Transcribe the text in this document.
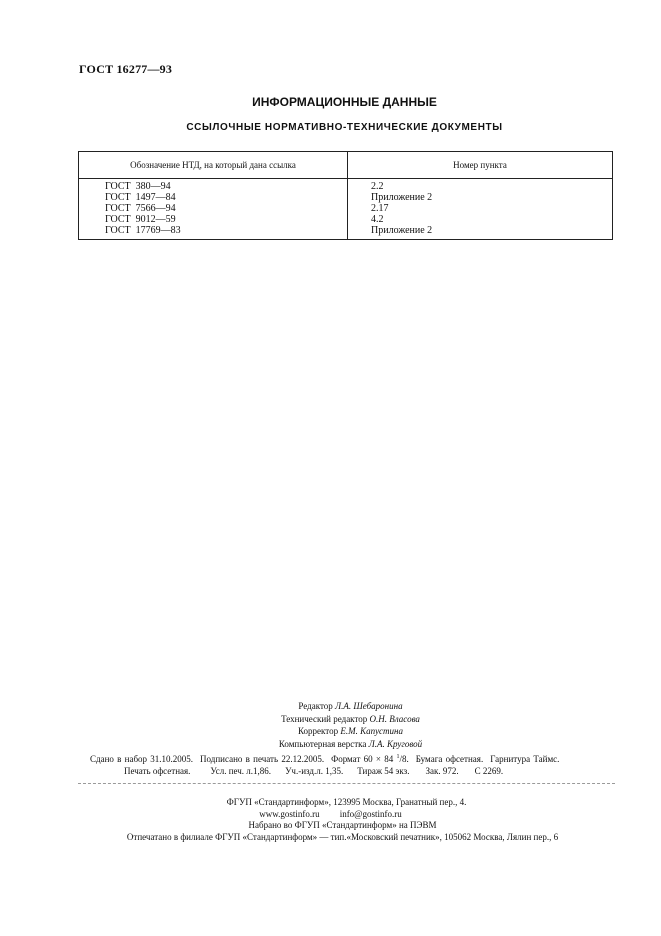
ГОСТ 16277—93
ИНФОРМАЦИОННЫЕ ДАННЫЕ
ССЫЛОЧНЫЕ НОРМАТИВНО-ТЕХНИЧЕСКИЕ ДОКУМЕНТЫ
Обозначение НТД, на который дана ссылка	Номер пункта
ГОСТ  380—94	2.2
ГОСТ  1497—84	Приложение 2
ГОСТ  7566—94	2.17
ГОСТ  9012—59	4.2
ГОСТ  17769—83	Приложение 2
Редактор Л.А. Шебаронина
Технический редактор О.Н. Власова
Корректор Е.М. Капустина
Компьютерная верстка Л.А. Круговой
Сдано в набор 31.10.2005. Подписано в печать 22.12.2005. Формат 60 × 84 $^1$/8. Бумага офсетная. Гарнитура Таймс.
Печать офсетная. Усл. печ. л.1,86. Уч.-изд.л. 1,35. Тираж 54 экз. Зак. 972. С 2269.
ФГУП «Стандартинформ», 123995 Москва, Гранатный пер., 4.
www.gostinfo.ru info@gostinfo.ru
Набрано во ФГУП «Стандартинформ» на ПЭВМ
Отпечатано в филиале ФГУП «Стандартинформ» — тип.«Московский печатник», 105062 Москва, Лялин пер., 6
